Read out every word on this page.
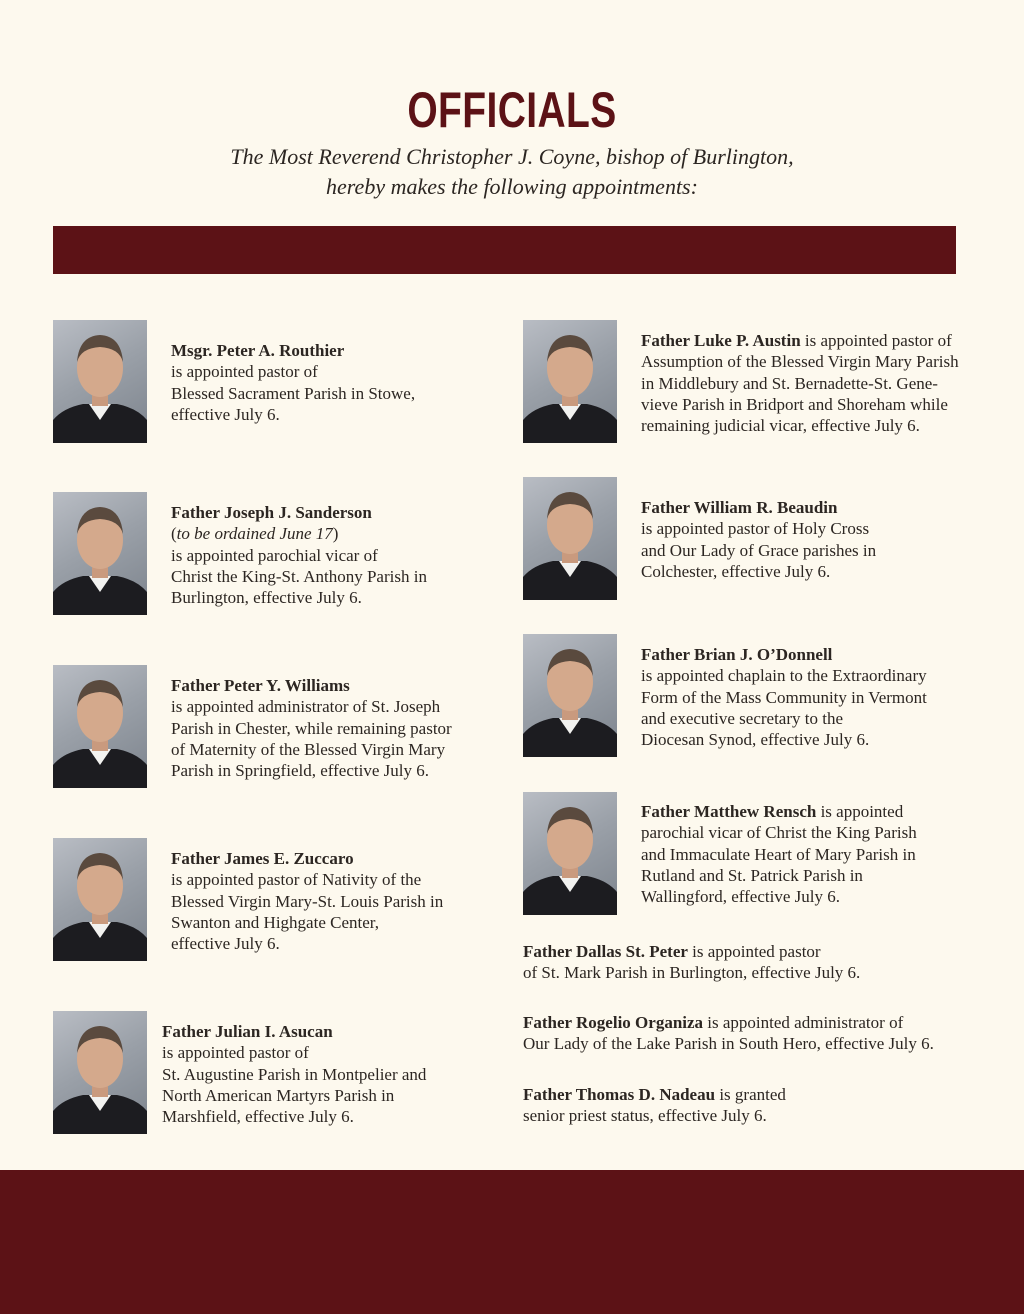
OFFICIALS
The Most Reverend Christopher J. Coyne, bishop of Burlington,
hereby makes the following appointments:
Msgr. Peter A. Routhier
is appointed pastor of
Blessed Sacrament Parish in Stowe,
effective July 6.
Father Joseph J. Sanderson
(to be ordained June 17)
is appointed parochial vicar of
Christ the King-St. Anthony Parish in
Burlington, effective July 6.
Father Peter Y. Williams
is appointed administrator of St. Joseph
Parish in Chester, while remaining pastor
of Maternity of the Blessed Virgin Mary
Parish in Springfield, effective July 6.
Father James E. Zuccaro
is appointed pastor of Nativity of the
Blessed Virgin Mary-St. Louis Parish in
Swanton and Highgate Center,
effective July 6.
Father Julian I. Asucan
is appointed pastor of
St. Augustine Parish in Montpelier and
North American Martyrs Parish in
Marshfield, effective July 6.
Father Luke P. Austin is appointed pastor of
Assumption of the Blessed Virgin Mary Parish
in Middlebury and St. Bernadette-St. Gene-
vieve Parish in Bridport and Shoreham while
remaining judicial vicar, effective July 6.
Father William R. Beaudin
is appointed pastor of Holy Cross
and Our Lady of Grace parishes in
Colchester, effective July 6.
Father Brian J. O’Donnell
is appointed chaplain to the Extraordinary
Form of the Mass Community in Vermont
and executive secretary to the
Diocesan Synod, effective July 6.
Father Matthew Rensch is appointed
parochial vicar of Christ the King Parish
and Immaculate Heart of Mary Parish in
Rutland and St. Patrick Parish in
Wallingford, effective July 6.
Father Dallas St. Peter is appointed pastor
of St. Mark Parish in Burlington, effective July 6.
Father Rogelio Organiza is appointed administrator of
Our Lady of the Lake Parish in South Hero, effective July 6.
Father Thomas D. Nadeau is granted
senior priest status, effective July 6.
